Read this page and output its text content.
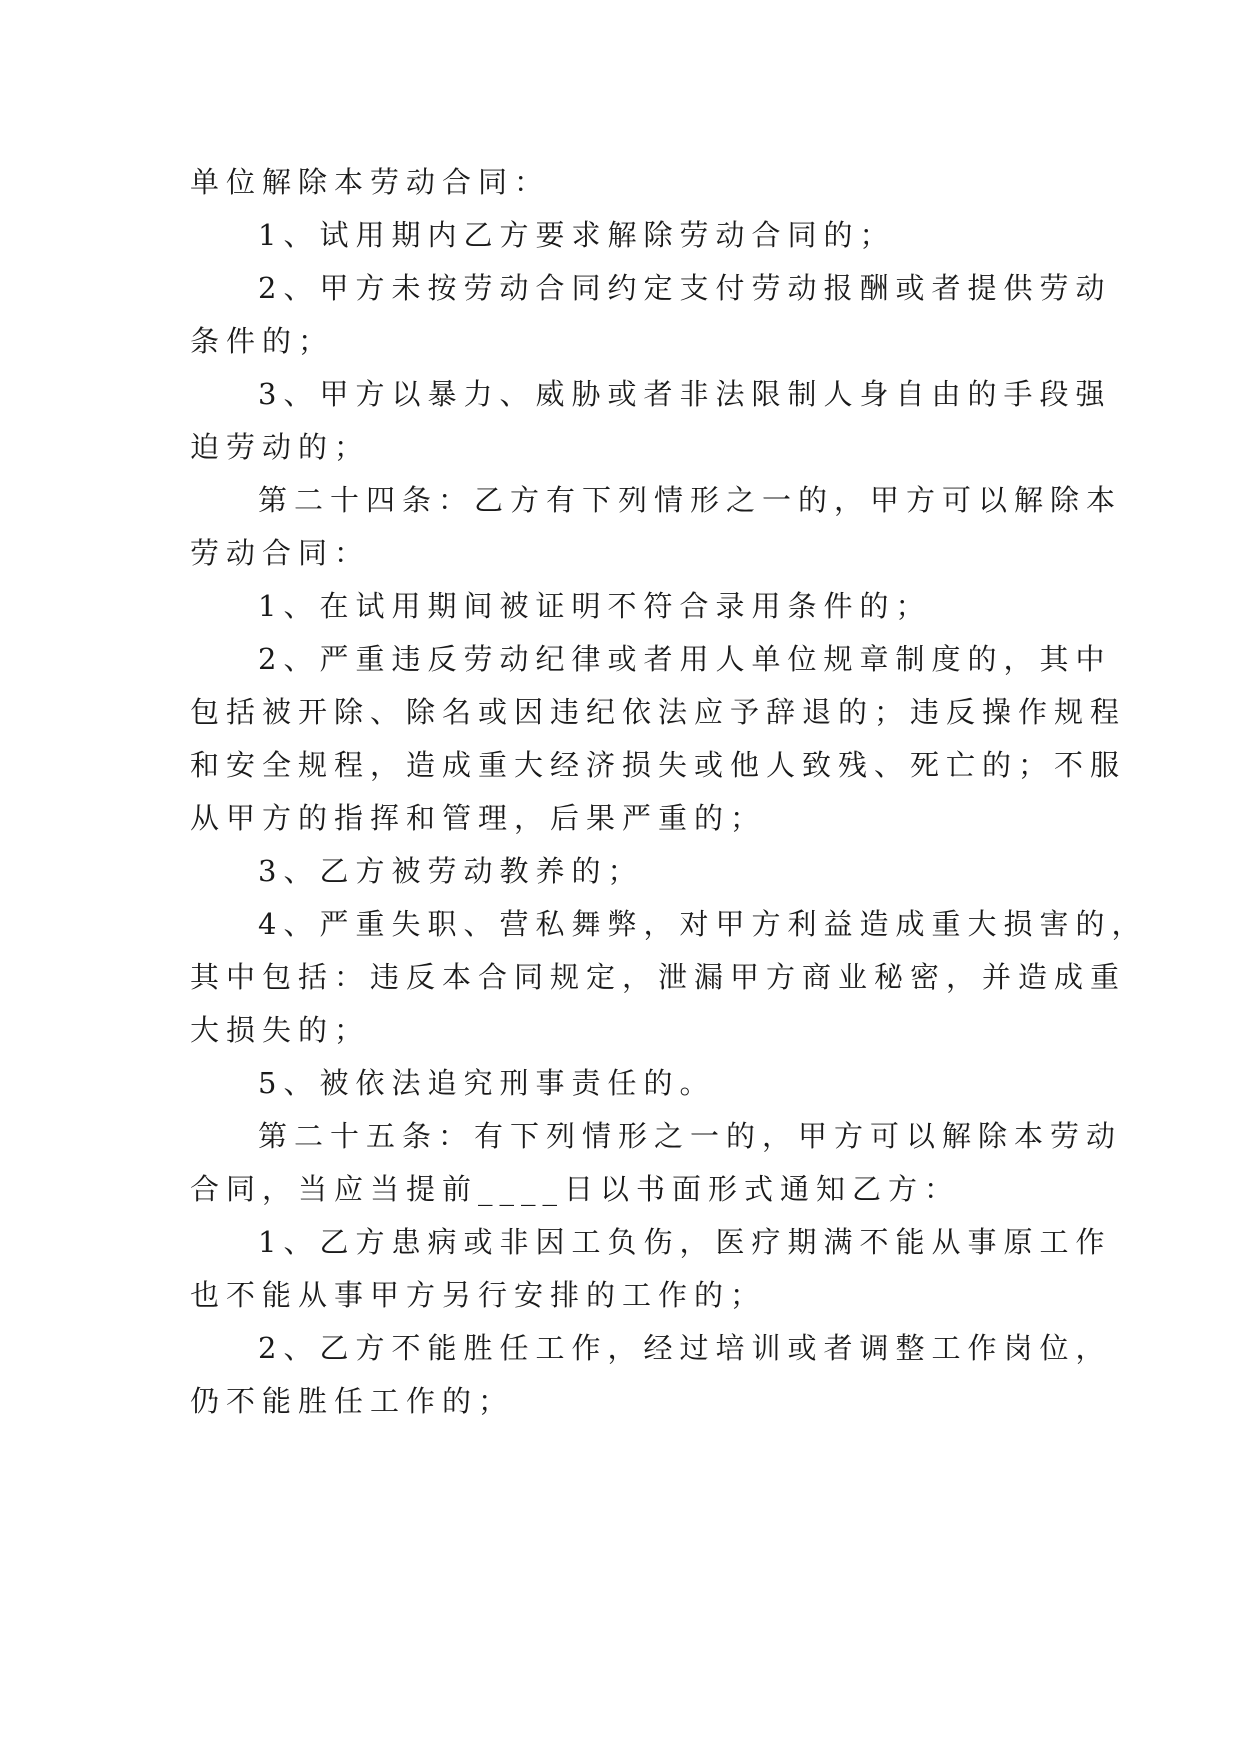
单位解除本劳动合同：
1、试用期内乙方要求解除劳动合同的；
2、甲方未按劳动合同约定支付劳动报酬或者提供劳动
条件的；
3、甲方以暴力、威胁或者非法限制人身自由的手段强
迫劳动的；
第二十四条：乙方有下列情形之一的，甲方可以解除本
劳动合同：
1、在试用期间被证明不符合录用条件的；
2、严重违反劳动纪律或者用人单位规章制度的，其中
包括被开除、除名或因违纪依法应予辞退的；违反操作规程
和安全规程，造成重大经济损失或他人致残、死亡的；不服
从甲方的指挥和管理，后果严重的；
3、乙方被劳动教养的；
4、严重失职、营私舞弊，对甲方利益造成重大损害的，
其中包括：违反本合同规定，泄漏甲方商业秘密，并造成重
大损失的；
5、被依法追究刑事责任的。
第二十五条：有下列情形之一的，甲方可以解除本劳动
合同，当应当提前____日以书面形式通知乙方：
1、乙方患病或非因工负伤，医疗期满不能从事原工作
也不能从事甲方另行安排的工作的；
2、乙方不能胜任工作，经过培训或者调整工作岗位，
仍不能胜任工作的；
